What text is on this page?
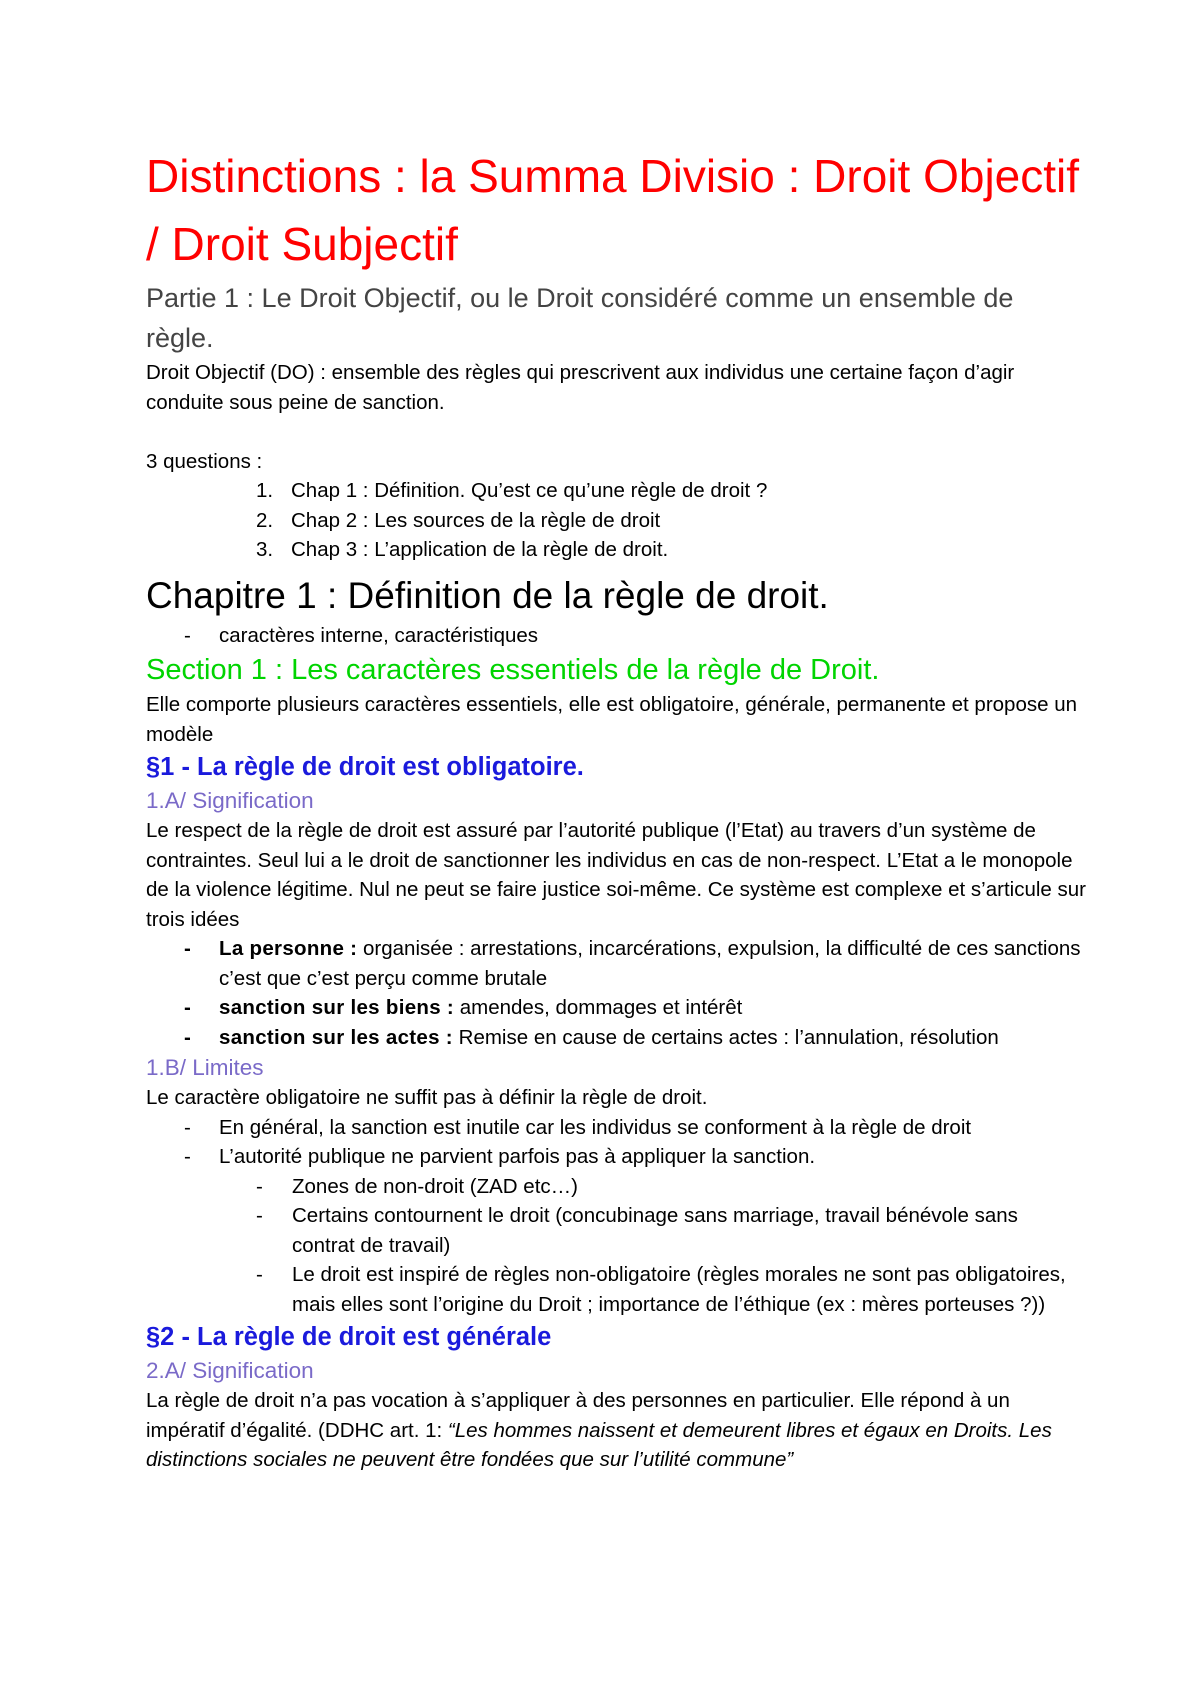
Distinctions : la Summa Divisio : Droit Objectif / Droit Subjectif
Partie 1 : Le Droit Objectif, ou le Droit considéré comme un ensemble de règle.

Droit Objectif (DO) : ensemble des règles qui prescrivent aux individus une certaine façon d’agir conduite sous peine de sanction.

3 questions :

1. Chap 1 : Définition. Qu’est ce qu’une règle de droit ?
2. Chap 2 : Les sources de la règle de droit
3. Chap 3 : L’application de la règle de droit.
Chapitre 1 : Définition de la règle de droit.
- caractères interne, caractéristiques
Section 1 : Les caractères essentiels de la règle de Droit.

Elle comporte plusieurs caractères essentiels, elle est obligatoire, générale, permanente et propose un modèle

§1 - La règle de droit est obligatoire.
1.A/ Signification

Le respect de la règle de droit est assuré par l’autorité publique (l’Etat) au travers d’un système de contraintes. Seul lui a le droit de sanctionner les individus en cas de non-respect. L’Etat a le monopole de la violence légitime. Nul ne peut se faire justice soi-même. Ce système est complexe et s’articule sur trois idées

- La personne : organisée : arrestations, incarcérations, expulsion, la difficulté de ces sanctions c’est que c’est perçu comme brutale
- sanction sur les biens : amendes, dommages et intérêt
- sanction sur les actes : Remise en cause de certains actes : l’annulation, résolution
1.B/ Limites

Le caractère obligatoire ne suffit pas à définir la règle de droit.

- En général, la sanction est inutile car les individus se conforment à la règle de droit
- L’autorité publique ne parvient parfois pas à appliquer la sanction.
- Zones de non-droit (ZAD etc…)
- Certains contournent le droit (concubinage sans marriage, travail bénévole sans contrat de travail)
- Le droit est inspiré de règles non-obligatoire (règles morales ne sont pas obligatoires, mais elles sont l’origine du Droit ; importance de l’éthique (ex : mères porteuses ?))
§2 - La règle de droit est générale
2.A/ Signification

La règle de droit n’a pas vocation à s’appliquer à des personnes en particulier. Elle répond à un impératif d’égalité. (DDHC art. 1: “Les hommes naissent et demeurent libres et égaux en Droits. Les distinctions sociales ne peuvent être fondées que sur l’utilité commune”
